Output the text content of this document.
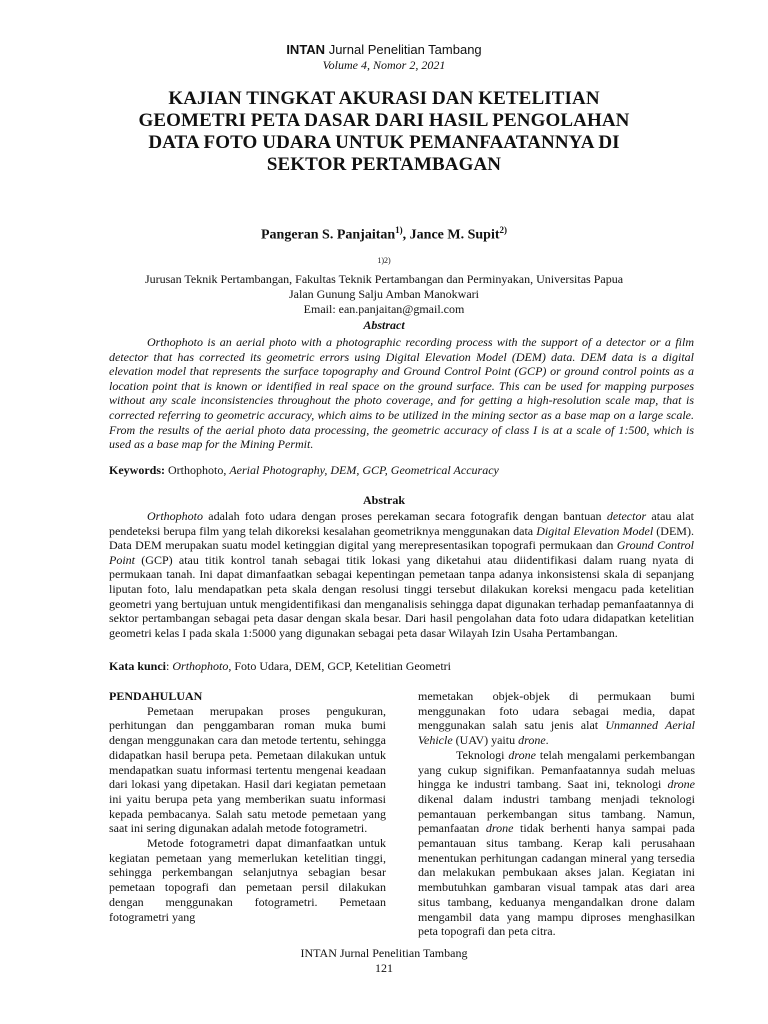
INTAN Jurnal Penelitian Tambang
Volume 4, Nomor 2, 2021
KAJIAN TINGKAT AKURASI DAN KETELITIAN
GEOMETRI PETA DASAR DARI HASIL PENGOLAHAN
DATA FOTO UDARA UNTUK PEMANFAATANNYA DI
SEKTOR PERTAMBAGAN
Pangeran S. Panjaitan$^{1)}$, Jance M. Supit$^{2)}$
$^{1)2)}$
Jurusan Teknik Pertambangan, Fakultas Teknik Pertambangan dan Perminyakan, Universitas Papua
Jalan Gunung Salju Amban Manokwari
Email: ean.panjaitan@gmail.com
Abstract

Orthophoto is an aerial photo with a photographic recording process with the support of a detector or a film detector that has corrected its geometric errors using Digital Elevation Model (DEM) data. DEM data is a digital elevation model that represents the surface topography and Ground Control Point (GCP) or ground control points as a location point that is known or identified in real space on the ground surface. This can be used for mapping purposes without any scale inconsistencies throughout the photo coverage, and for getting a high-resolution scale map, that is corrected referring to geometric accuracy, which aims to be utilized in the mining sector as a base map on a large scale. From the results of the aerial photo data processing, the geometric accuracy of class I is at a scale of 1:500, which is used as a base map for the Mining Permit.

Keywords: Orthophoto, Aerial Photography, DEM, GCP, Geometrical Accuracy

Abstrak

Orthophoto adalah foto udara dengan proses perekaman secara fotografik dengan bantuan detector atau alat pendeteksi berupa film yang telah dikoreksi kesalahan geometriknya menggunakan data Digital Elevation Model (DEM). Data DEM merupakan suatu model ketinggian digital yang merepresentasikan topografi permukaan dan Ground Control Point (GCP) atau titik kontrol tanah sebagai titik lokasi yang diketahui atau diidentifikasi dalam ruang nyata di permukaan tanah. Ini dapat dimanfaatkan sebagai kepentingan pemetaan tanpa adanya inkonsistensi skala di sepanjang liputan foto, lalu mendapatkan peta skala dengan resolusi tinggi tersebut dilakukan koreksi mengacu pada ketelitian geometri yang bertujuan untuk mengidentifikasi dan menganalisis sehingga dapat digunakan terhadap pemanfaatannya di sektor pertambangan sebagai peta dasar dengan skala besar. Dari hasil pengolahan data foto udara didapatkan ketelitian geometri kelas I pada skala 1:5000 yang digunakan sebagai peta dasar Wilayah Izin Usaha Pertambangan.

Kata kunci: Orthophoto, Foto Udara, DEM, GCP, Ketelitian Geometri

PENDAHULUAN

Pemetaan merupakan proses pengukuran, perhitungan dan penggambaran roman muka bumi dengan menggunakan cara dan metode tertentu, sehingga didapatkan hasil berupa peta. Pemetaan dilakukan untuk mendapatkan suatu informasi tertentu mengenai keadaan dari lokasi yang dipetakan. Hasil dari kegiatan pemetaan ini yaitu berupa peta yang memberikan suatu informasi kepada pembacanya. Salah satu metode pemetaan yang saat ini sering digunakan adalah metode fotogrametri.

Metode fotogrametri dapat dimanfaatkan untuk kegiatan pemetaan yang memerlukan ketelitian tinggi, sehingga perkembangan selanjutnya sebagian besar pemetaan topografi dan pemetaan persil dilakukan dengan menggunakan fotogrametri. Pemetaan fotogrametri yang

memetakan objek-objek di permukaan bumi menggunakan foto udara sebagai media, dapat menggunakan salah satu jenis alat Unmanned Aerial Vehicle (UAV) yaitu drone.

Teknologi drone telah mengalami perkembangan yang cukup signifikan. Pemanfaatannya sudah meluas hingga ke industri tambang. Saat ini, teknologi drone dikenal dalam industri tambang menjadi teknologi pemantauan perkembangan situs tambang. Namun, pemanfaatan drone tidak berhenti hanya sampai pada pemantauan situs tambang. Kerap kali perusahaan menentukan perhitungan cadangan mineral yang tersedia dan melakukan pembukaan akses jalan. Kegiatan ini membutuhkan gambaran visual tampak atas dari area situs tambang, keduanya mengandalkan drone dalam mengambil data yang mampu diproses menghasilkan peta topografi dan peta citra.

INTAN Jurnal Penelitian Tambang
121
